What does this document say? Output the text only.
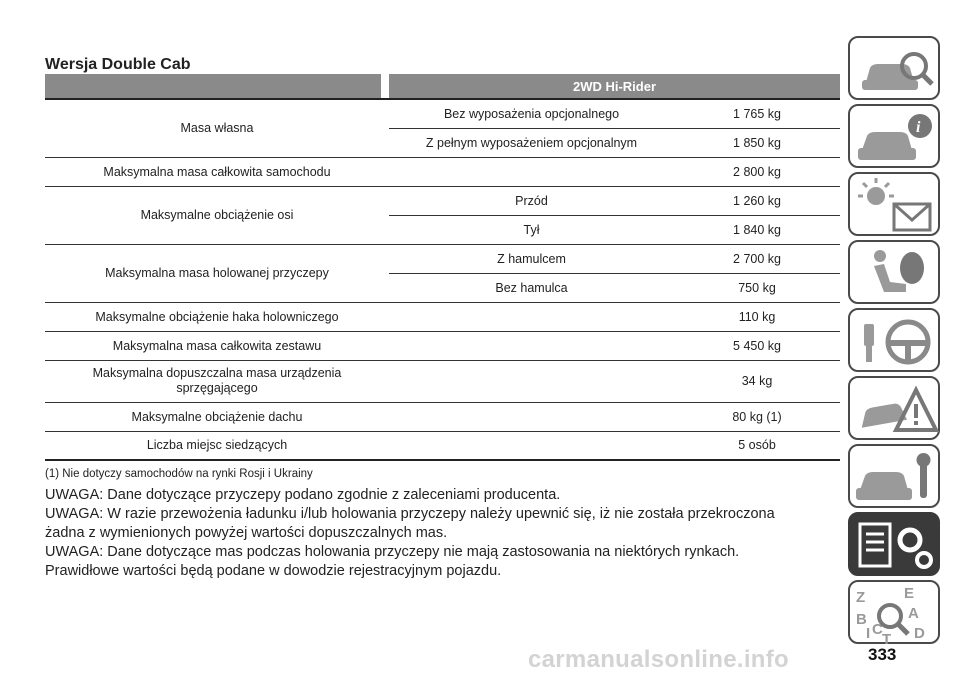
Wersja Double Cab
		2WD Hi-Rider	
Masa własna		Bez wyposażenia opcjonalnego	1 765 kg
		Z pełnym wyposażeniem opcjonalnym	1 850 kg
Maksymalna masa całkowita samochodu			2 800 kg
Maksymalne obciążenie osi		Przód	1 260 kg
		Tył	1 840 kg
Maksymalna masa holowanej przyczepy		Z hamulcem	2 700 kg
		Bez hamulca	750 kg
Maksymalne obciążenie haka holowniczego			110 kg
Maksymalna masa całkowita zestawu			5 450 kg

Maksymalna dopuszczalna masa urządzenia
sprzęgającego			34 kg
Maksymalne obciążenie dachu			80 kg (1)
Liczba miejsc siedzących			5 osób
(1) Nie dotyczy samochodów na rynki Rosji i Ukrainy

UWAGA: Dane dotyczące przyczepy podano zgodnie z zaleceniami producenta.

UWAGA: W razie przewożenia ładunku i/lub holowania przyczepy należy upewnić się, iż nie została przekroczona żadna z wymienionych powyżej wartości dopuszczalnych mas.

UWAGA: Dane dotyczące mas podczas holowania przyczepy nie mają zastosowania na niektórych rynkach. Prawidłowe wartości będą podane w dowodzie rejestracyjnym pojazdu.

i
Z	E
B	A
C D
T
I
carmanualsonline.info	333
